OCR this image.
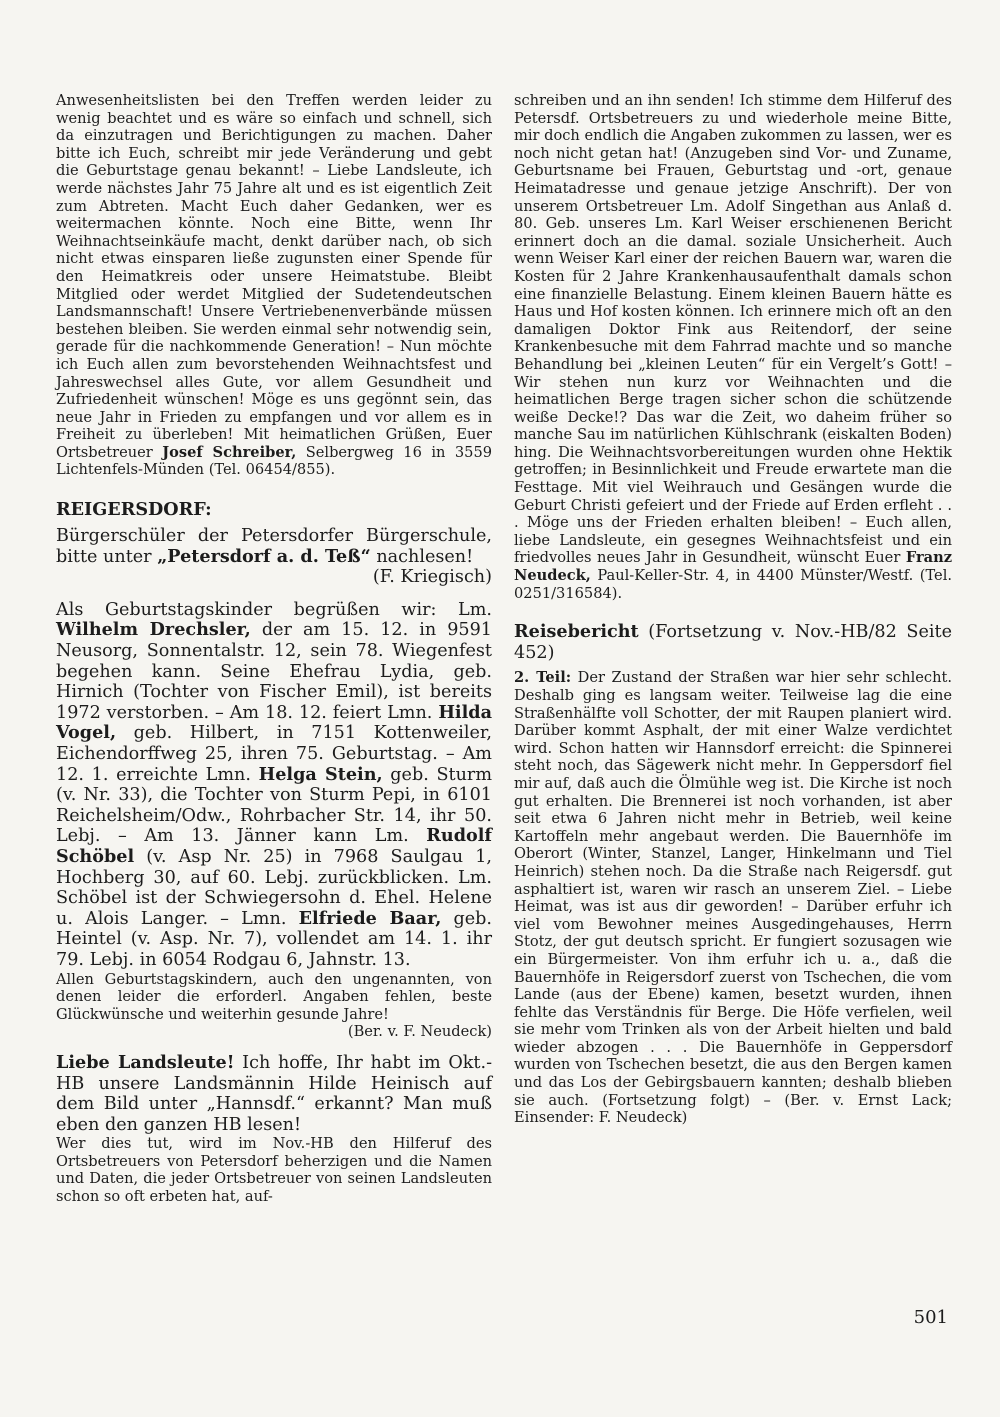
Anwesenheitslisten bei den Treffen werden leider zu wenig beachtet und es wäre so einfach und schnell, sich da einzutragen und Berichtigungen zu machen. Daher bitte ich Euch, schreibt mir jede Veränderung und gebt die Geburtstage genau bekannt! – Liebe Landsleute, ich werde nächstes Jahr 75 Jahre alt und es ist eigentlich Zeit zum Abtreten. Macht Euch daher Gedanken, wer es weitermachen könnte. Noch eine Bitte, wenn Ihr Weihnachtseinkäufe macht, denkt darüber nach, ob sich nicht etwas einsparen ließe zugunsten einer Spende für den Heimatkreis oder unsere Heimatstube. Bleibt Mitglied oder werdet Mitglied der Sudetendeutschen Landsmannschaft! Unsere Vertriebenenverbände müssen bestehen bleiben. Sie werden einmal sehr notwendig sein, gerade für die nachkommende Generation! – Nun möchte ich Euch allen zum bevorstehenden Weihnachtsfest und Jahreswechsel alles Gute, vor allem Gesundheit und Zufriedenheit wünschen! Möge es uns gegönnt sein, das neue Jahr in Frieden zu empfangen und vor allem es in Freiheit zu überleben! Mit heimatlichen Grüßen, Euer Ortsbetreuer Josef Schreiber, Selbergweg 16 in 3559 Lichtenfels-Münden (Tel. 06454/855).

REIGERSDORF:

Bürgerschüler der Petersdorfer Bürgerschule, bitte unter „Petersdorf a. d. Teß“ nachlesen!

(F. Kriegisch)

Als Geburtstagskinder begrüßen wir: Lm. Wilhelm Drechsler, der am 15. 12. in 9591 Neusorg, Sonnentalstr. 12, sein 78. Wiegenfest begehen kann. Seine Ehefrau Lydia, geb. Hirnich (Tochter von Fischer Emil), ist bereits 1972 verstorben. – Am 18. 12. feiert Lmn. Hilda Vogel, geb. Hilbert, in 7151 Kottenweiler, Eichendorffweg 25, ihren 75. Geburtstag. – Am 12. 1. erreichte Lmn. Helga Stein, geb. Sturm (v. Nr. 33), die Tochter von Sturm Pepi, in 6101 Reichelsheim/Odw., Rohrbacher Str. 14, ihr 50. Lebj. – Am 13. Jänner kann Lm. Rudolf Schöbel (v. Asp Nr. 25) in 7968 Saulgau 1, Hochberg 30, auf 60. Lebj. zurückblicken. Lm. Schöbel ist der Schwiegersohn d. Ehel. Helene u. Alois Langer. – Lmn. Elfriede Baar, geb. Heintel (v. Asp. Nr. 7), vollendet am 14. 1. ihr 79. Lebj. in 6054 Rodgau 6, Jahnstr. 13.

Allen Geburtstagskindern, auch den ungenannten, von denen leider die erforderl. Angaben fehlen, beste Glückwünsche und weiterhin gesunde Jahre!

(Ber. v. F. Neudeck)

Liebe Landsleute! Ich hoffe, Ihr habt im Okt.-HB unsere Landsmännin Hilde Heinisch auf dem Bild unter „Hannsdf.“ erkannt? Man muß eben den ganzen HB lesen!

Wer dies tut, wird im Nov.-HB den Hilferuf des Ortsbetreuers von Petersdorf beherzigen und die Namen und Daten, die jeder Ortsbetreuer von seinen Landsleuten schon so oft erbeten hat, auf-

schreiben und an ihn senden! Ich stimme dem Hilferuf des Petersdf. Ortsbetreuers zu und wiederhole meine Bitte, mir doch endlich die Angaben zukommen zu lassen, wer es noch nicht getan hat! (Anzugeben sind Vor- und Zuname, Geburtsname bei Frauen, Geburtstag und -ort, genaue Heimatadresse und genaue jetzige Anschrift). Der von unserem Ortsbetreuer Lm. Adolf Singethan aus Anlaß d. 80. Geb. unseres Lm. Karl Weiser erschienenen Bericht erinnert doch an die damal. soziale Unsicherheit. Auch wenn Weiser Karl einer der reichen Bauern war, waren die Kosten für 2 Jahre Krankenhausaufenthalt damals schon eine finanzielle Belastung. Einem kleinen Bauern hätte es Haus und Hof kosten können. Ich erinnere mich oft an den damaligen Doktor Fink aus Reitendorf, der seine Krankenbesuche mit dem Fahrrad machte und so manche Behandlung bei „kleinen Leuten“ für ein Vergelt’s Gott! – Wir stehen nun kurz vor Weihnachten und die heimatlichen Berge tragen sicher schon die schützende weiße Decke!? Das war die Zeit, wo daheim früher so manche Sau im natürlichen Kühlschrank (eiskalten Boden) hing. Die Weihnachtsvorbereitungen wurden ohne Hektik getroffen; in Besinnlichkeit und Freude erwartete man die Festtage. Mit viel Weihrauch und Gesängen wurde die Geburt Christi gefeiert und der Friede auf Erden erfleht . . . Möge uns der Frieden erhalten bleiben! – Euch allen, liebe Landsleute, ein gesegnes Weihnachtsfeist und ein friedvolles neues Jahr in Gesundheit, wünscht Euer Franz Neudeck, Paul-Keller-Str. 4, in 4400 Münster/Westf. (Tel. 0251/316584).

Reisebericht (Fortsetzung v. Nov.-HB/82 Seite 452)

2. Teil: Der Zustand der Straßen war hier sehr schlecht. Deshalb ging es langsam weiter. Teilweise lag die eine Straßenhälfte voll Schotter, der mit Raupen planiert wird. Darüber kommt Asphalt, der mit einer Walze verdichtet wird. Schon hatten wir Hannsdorf erreicht: die Spinnerei steht noch, das Sägewerk nicht mehr. In Geppersdorf fiel mir auf, daß auch die Ölmühle weg ist. Die Kirche ist noch gut erhalten. Die Brennerei ist noch vorhanden, ist aber seit etwa 6 Jahren nicht mehr in Betrieb, weil keine Kartoffeln mehr angebaut werden. Die Bauernhöfe im Oberort (Winter, Stanzel, Langer, Hinkelmann und Tiel Heinrich) stehen noch. Da die Straße nach Reigersdf. gut asphaltiert ist, waren wir rasch an unserem Ziel. – Liebe Heimat, was ist aus dir geworden! – Darüber erfuhr ich viel vom Bewohner meines Ausgedingehauses, Herrn Stotz, der gut deutsch spricht. Er fungiert sozusagen wie ein Bürgermeister. Von ihm erfuhr ich u. a., daß die Bauernhöfe in Reigersdorf zuerst von Tschechen, die vom Lande (aus der Ebene) kamen, besetzt wurden, ihnen fehlte das Verständnis für Berge. Die Höfe verfielen, weil sie mehr vom Trinken als von der Arbeit hielten und bald wieder abzogen . . . Die Bauernhöfe in Geppersdorf wurden von Tschechen besetzt, die aus den Bergen kamen und das Los der Gebirgsbauern kannten; deshalb blieben sie auch. (Fortsetzung folgt) – (Ber. v. Ernst Lack; Einsender: F. Neudeck)

501
